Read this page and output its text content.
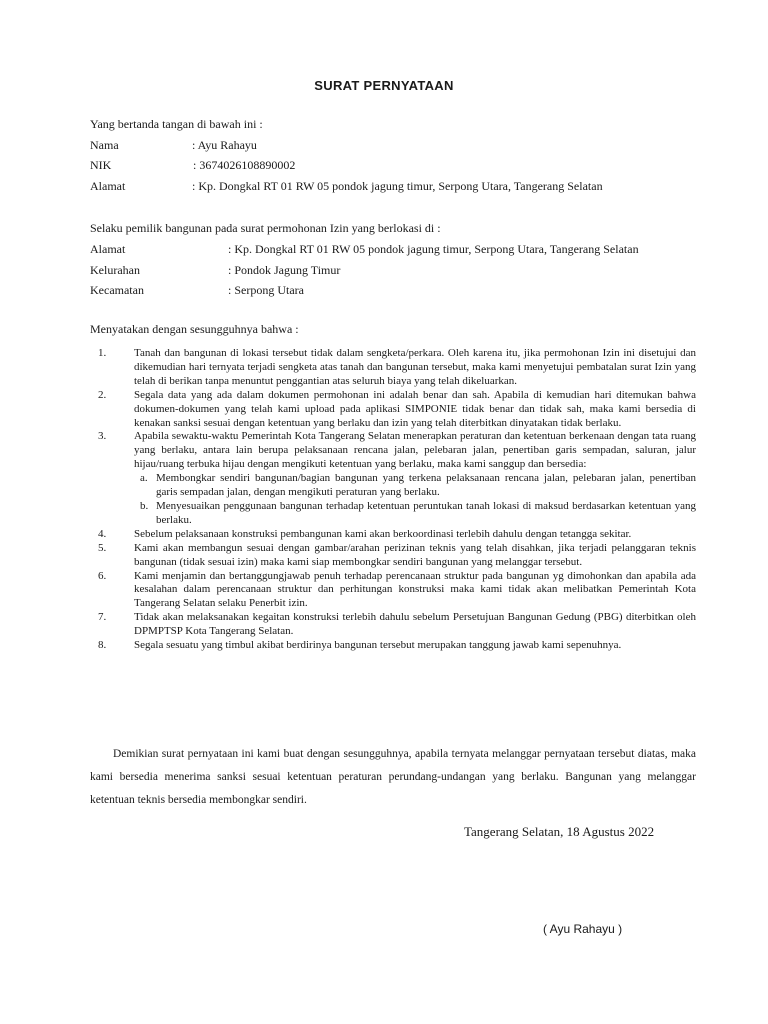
SURAT PERNYATAAN
Yang bertanda tangan di bawah ini :
Nama	: Ayu Rahayu
NIK	: 3674026108890002
Alamat	: Kp. Dongkal RT 01 RW 05 pondok jagung timur, Serpong Utara, Tangerang Selatan
Selaku pemilik bangunan pada surat permohonan Izin yang berlokasi di :
Alamat	: Kp. Dongkal RT 01 RW 05 pondok jagung timur, Serpong Utara, Tangerang Selatan
Kelurahan	: Pondok Jagung Timur
Kecamatan	: Serpong Utara
Menyatakan dengan sesungguhnya bahwa :
1.	Tanah dan bangunan di lokasi tersebut tidak dalam sengketa/perkara. Oleh karena itu, jika permohonan Izin ini disetujui dan dikemudian hari ternyata terjadi sengketa atas tanah dan bangunan tersebut, maka kami menyetujui pembatalan surat Izin yang telah di berikan tanpa menuntut penggantian atas seluruh biaya yang telah dikeluarkan.
2.	Segala data yang ada dalam dokumen permohonan ini adalah benar dan sah. Apabila di kemudian hari ditemukan bahwa dokumen-dokumen yang telah kami upload pada aplikasi SIMPONIE tidak benar dan tidak sah, maka kami bersedia di kenakan sanksi sesuai dengan ketentuan yang berlaku dan izin yang telah diterbitkan dinyatakan tidak berlaku.
3.	Apabila sewaktu-waktu Pemerintah Kota Tangerang Selatan menerapkan peraturan dan ketentuan berkenaan dengan tata ruang yang berlaku, antara lain berupa pelaksanaan rencana jalan, pelebaran jalan, penertiban garis sempadan, saluran, jalur hijau/ruang terbuka hijau dengan mengikuti ketentuan yang berlaku, maka kami sanggup dan bersedia:
a. Membongkar sendiri bangunan/bagian bangunan yang terkena pelaksanaan rencana jalan, pelebaran jalan, penertiban garis sempadan jalan, dengan mengikuti peraturan yang berlaku.
b. Menyesuaikan penggunaan bangunan terhadap ketentuan peruntukan tanah lokasi di maksud berdasarkan ketentuan yang berlaku.
4.	Sebelum pelaksanaan konstruksi pembangunan kami akan berkoordinasi terlebih dahulu dengan tetangga sekitar.
5.	Kami akan membangun sesuai dengan gambar/arahan perizinan teknis yang telah disahkan, jika terjadi pelanggaran teknis bangunan (tidak sesuai izin) maka kami siap membongkar sendiri bangunan yang melanggar tersebut.
6.	Kami menjamin dan bertanggungjawab penuh terhadap perencanaan struktur pada bangunan yg dimohonkan dan apabila ada kesalahan dalam perencanaan struktur dan perhitungan konstruksi maka kami tidak akan melibatkan Pemerintah Kota Tangerang Selatan selaku Penerbit izin.
7.	Tidak akan melaksanakan kegaitan konstruksi terlebih dahulu sebelum Persetujuan Bangunan Gedung (PBG) diterbitkan oleh DPMPTSP Kota Tangerang Selatan.
8.	Segala sesuatu yang timbul akibat berdirinya bangunan tersebut merupakan tanggung jawab kami sepenuhnya.
Demikian surat pernyataan ini kami buat dengan sesungguhnya, apabila ternyata melanggar pernyataan tersebut diatas, maka kami bersedia menerima sanksi sesuai ketentuan peraturan perundang-undangan yang berlaku. Bangunan yang melanggar ketentuan teknis bersedia membongkar sendiri.
Tangerang Selatan, 18 Agustus 2022
( Ayu Rahayu )
